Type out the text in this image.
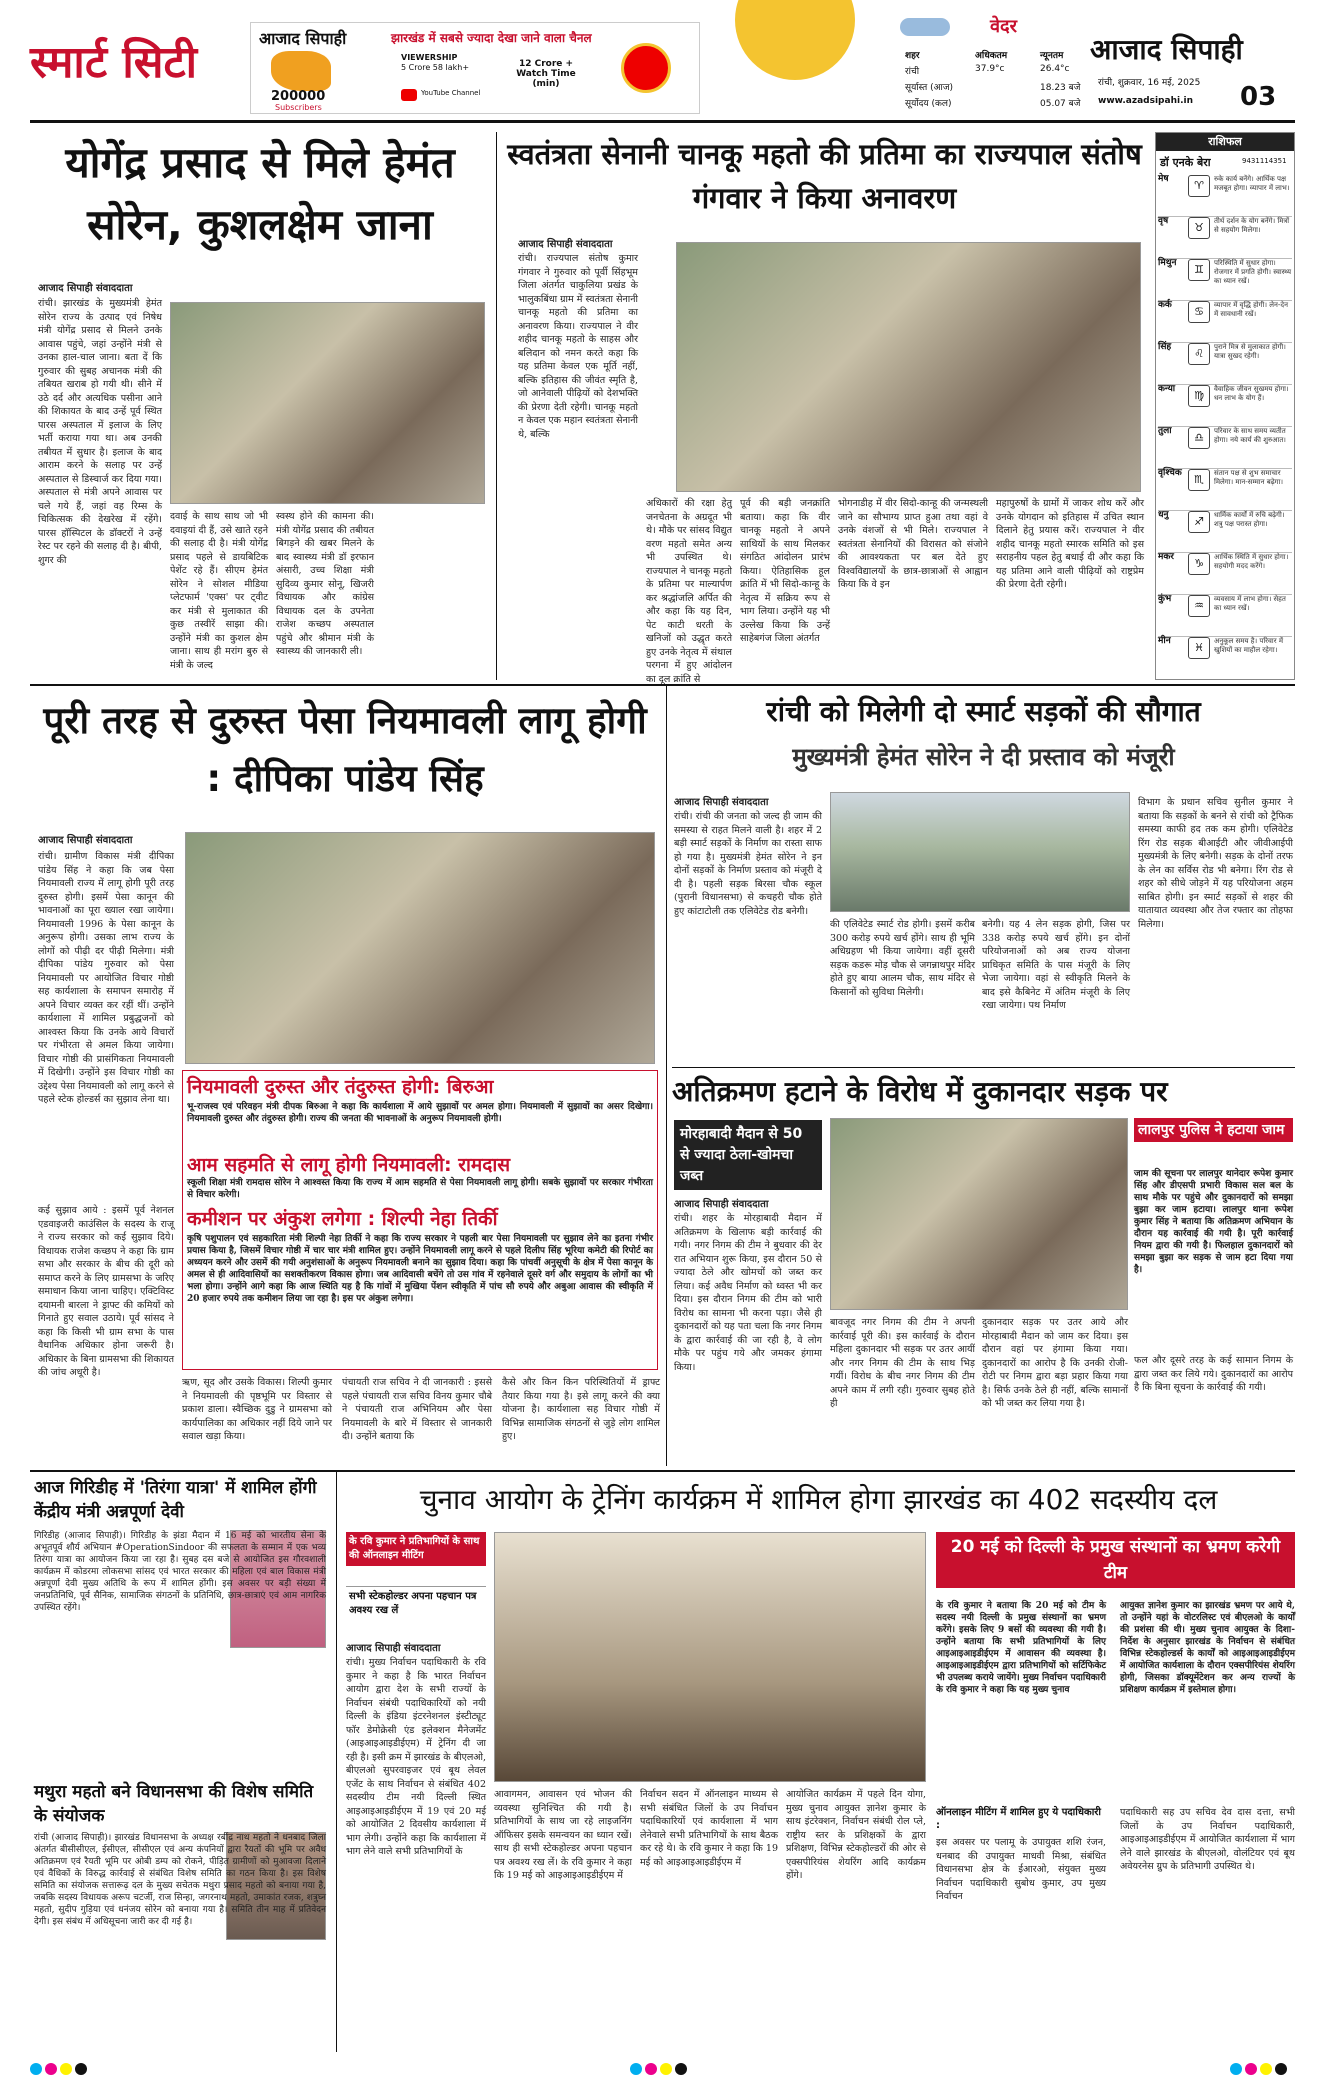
स्मार्ट सिटी	आजाद सिपाही	झारखंड में सबसे ज्यादा देखा जाने वाला चैनल
200000
Subscribers
VIEWERSHIP
5 Crore 58 lakh+	12 Crore + Watch Time (min)
YouTube Channel
वेदर
शहर	अधिकतम	न्यूनतम
रांची	37.9°c	26.4°c
सूर्यास्त (आज)	18.23 बजे
सूर्योदय (कल)	05.07 बजे
आजाद सिपाही
रांची, शुक्रवार, 16 मई, 2025
www.azadsipahi.in 03
योगेंद्र प्रसाद से मिले हेमंत सोरेन, कुशलक्षेम जाना

आजाद सिपाही संवाददाता

रांची। झारखंड के मुख्यमंत्री हेमंत सोरेन राज्य के उत्पाद एवं निषेध मंत्री योगेंद्र प्रसाद से मिलने उनके आवास पहुंचे, जहां उन्होंने मंत्री से उनका हाल-चाल जाना। बता दें कि गुरुवार की सुबह अचानक मंत्री की तबियत खराब हो गयी थी। सीने में उठे दर्द और अत्यधिक पसीना आने की शिकायत के बाद उन्हें पूर्व स्थित पारस अस्पताल में इलाज के लिए भर्ती कराया गया था। अब उनकी तबीयत में सुधार है। इलाज के बाद आराम करने के सलाह पर उन्हें अस्पताल से डिस्चार्ज कर दिया गया। अस्पताल से मंत्री अपने आवास पर चले गये हैं, जहां वह रिम्स के चिकित्सक की देखरेख में रहेंगे। पारस हॉस्पिटल के डॉक्टरों ने उन्हें रेस्ट पर रहने की सलाह दी है। बीपी, शुगर की

दवाई के साथ साथ जो भी दवाइयां दी हैं, उसे खाते रहने की सलाह दी है। मंत्री योगेंद्र प्रसाद पहले से डायबिटिक पेशेंट रहे हैं। सीएम हेमंत सोरेन ने सोशल मीडिया प्लेटफार्म 'एक्स' पर ट्वीट कर मंत्री से मुलाकात की कुछ तस्वीरें साझा की। उन्होंने मंत्री का कुशल क्षेम जाना। साथ ही मरांग बुरु से मंत्री के जल्द

स्वस्थ होने की कामना की। मंत्री योगेंद्र प्रसाद की तबीयत बिगड़ने की खबर मिलने के बाद स्वास्थ्य मंत्री डॉ इरफान अंसारी, उच्च शिक्षा मंत्री सुदिव्य कुमार सोनू, खिजरी विधायक और कांग्रेस विधायक दल के उपनेता राजेश कच्छप अस्पताल पहुंचे और श्रीमान मंत्री के स्वास्थ्य की जानकारी ली।

स्वतंत्रता सेनानी चानकू महतो की प्रतिमा का राज्यपाल संतोष गंगवार ने किया अनावरण

आजाद सिपाही संवाददाता

रांची। राज्यपाल संतोष कुमार गंगवार ने गुरुवार को पूर्वी सिंहभूम जिला अंतर्गत चाकुलिया प्रखंड के भालुकबिंधा ग्राम में स्वतंत्रता सेनानी चानकू महतो की प्रतिमा का अनावरण किया। राज्यपाल ने वीर शहीद चानकू महतो के साहस और बलिदान को नमन करते कहा कि यह प्रतिमा केवल एक मूर्ति नहीं, बल्कि इतिहास की जीवंत स्मृति है, जो आनेवाली पीढ़ियों को देशभक्ति की प्रेरणा देती रहेगी। चानकू महतो न केवल एक महान स्वतंत्रता सेनानी थे, बल्कि

अधिकारों की रक्षा हेतु जनचेतना के अग्रदूत भी थे। मौके पर सांसद विद्युत वरण महतो समेत अन्य भी उपस्थित थे। राज्यपाल ने चानकू महतो के प्रतिमा पर माल्यार्पण कर श्रद्धांजलि अर्पित की और कहा कि यह दिन, पेट काटी धरती के खनिजों को उद्धृत करते हुए उनके नेतृत्व में संथाल परगना में हुए आंदोलन का दूल क्रांति से

पूर्व की बड़ी जनक्रांति बताया। कहा कि वीर चानकू महतो ने अपने साथियों के साथ मिलकर संगठित आंदोलन प्रारंभ किया। ऐतिहासिक हूल क्रांति में भी सिदो-कान्हू के नेतृत्व में सक्रिय रूप से भाग लिया। उन्होंने यह भी उल्लेख किया कि उन्हें साहेबगंज जिला अंतर्गत

भोगनाडीह में वीर सिदो-कान्हू की जन्मस्थली जाने का सौभाग्य प्राप्त हुआ तथा वहां वे उनके वंशजों से भी मिले। राज्यपाल ने स्वतंत्रता सेनानियों की विरासत को संजोने की आवश्यकता पर बल देते हुए विश्वविद्यालयों के छात्र-छात्राओं से आह्वान किया कि वे इन

महापुरुषों के ग्रामों में जाकर शोध करें और उनके योगदान को इतिहास में उचित स्थान दिलाने हेतु प्रयास करें। राज्यपाल ने वीर शहीद चानकू महतो स्मारक समिति को इस सराहनीय पहल हेतु बधाई दी और कहा कि यह प्रतिमा आने वाली पीढ़ियों को राष्ट्रप्रेम की प्रेरणा देती रहेगी।

राशिफल
डॉ एनके बेरा	9431114351
मेष	♈	रुके कार्य बनेंगे। आर्थिक पक्ष मजबूत होगा। व्यापार में लाभ।
वृष	♉	तीर्थ दर्शन के योग बनेंगे। मित्रों से सहयोग मिलेगा।
मिथुन	♊	परिस्थिति में सुधार होगा। रोजगार में प्रगति होगी। स्वास्थ्य का ध्यान रखें।
कर्क	♋	व्यापार में वृद्धि होगी। लेन-देन में सावधानी रखें।
सिंह	♌	पुराने मित्र से मुलाकात होगी। यात्रा सुखद रहेगी।
कन्या	♍	वैवाहिक जीवन सुखमय होगा। धन लाभ के योग हैं।
तुला	♎	परिवार के साथ समय व्यतीत होगा। नये कार्य की शुरुआत।
वृश्चिक	♏	संतान पक्ष से शुभ समाचार मिलेगा। मान-सम्मान बढ़ेगा।
धनु	♐	धार्मिक कार्यों में रुचि बढ़ेगी। शत्रु पक्ष परास्त होगा।
मकर	♑	आर्थिक स्थिति में सुधार होगा। सहयोगी मदद करेंगे।
कुंभ	♒	व्यवसाय में लाभ होगा। सेहत का ध्यान रखें।
मीन	♓	अनुकूल समय है। परिवार में खुशियों का माहौल रहेगा।
पूरी तरह से दुरुस्त पेसा नियमावली लागू होगी : दीपिका पांडेय सिंह

आजाद सिपाही संवाददाता

रांची। ग्रामीण विकास मंत्री दीपिका पांडेय सिंह ने कहा कि जब पेसा नियमावली राज्य में लागू होगी पूरी तरह दुरुस्त होगी। इसमें पेसा कानून की भावनाओं का पूरा ख्याल रखा जायेगा। नियमावली 1996 के पेसा कानून के अनुरूप होगी। उसका लाभ राज्य के लोगों को पीढ़ी दर पीढ़ी मिलेगा। मंत्री दीपिका पांडेय गुरुवार को पेसा नियमावली पर आयोजित विचार गोष्ठी सह कार्यशाला के समापन समारोह में अपने विचार व्यक्त कर रहीं थीं। उन्होंने कार्यशाला में शामिल प्रबुद्धजनों को आश्वस्त किया कि उनके आये विचारों पर गंभीरता से अमल किया जायेगा। विचार गोष्ठी की प्रासंगिकता नियमावली में दिखेगी। उन्होंने इस विचार गोष्ठी का उद्देश्य पेसा नियमावली को लागू करने से पहले स्टेक होल्डर्स का सुझाव लेना था।

कई सुझाव आये : इसमें पूर्व नेशनल एडवाइजरी काउंसिल के सदस्य के राजू ने राज्य सरकार को कई सुझाव दिये। विधायक राजेश कच्छप ने कहा कि ग्राम सभा और सरकार के बीच की दूरी को समाप्त करने के लिए ग्रामसभा के जरिए समाधान किया जाना चाहिए। एक्टिविस्ट दयामनी बारला ने ड्राफ्ट की कमियों को गिनाते हुए सवाल उठाये। पूर्व सांसद ने कहा कि किसी भी ग्राम सभा के पास वैधानिक अधिकार होना जरूरी है। अधिकार के बिना ग्रामसभा की शिकायत की जांच अधूरी है।

नियमावली दुरुस्त और तंदुरुस्त होगी: बिरुआ

भू-राजस्व एवं परिवहन मंत्री दीपक बिरुआ ने कहा कि कार्यशाला में आये सुझावों पर अमल होगा। नियमावली में सुझावों का असर दिखेगा। नियमावली दुरुस्त और तंदुरुस्त होगी। राज्य की जनता की भावनाओं के अनुरूप नियमावली होगी।

आम सहमति से लागू होगी नियमावली: रामदास

स्कूली शिक्षा मंत्री रामदास सोरेन ने आश्वस्त किया कि राज्य में आम सहमति से पेसा नियमावली लागू होगी। सबके सुझावों पर सरकार गंभीरता से विचार करेगी।

कमीशन पर अंकुश लगेगा : शिल्पी नेहा तिर्की

कृषि पशुपालन एवं सहकारिता मंत्री शिल्पी नेहा तिर्की ने कहा कि राज्य सरकार ने पहली बार पेसा नियमावली पर सुझाव लेने का इतना गंभीर प्रयास किया है, जिसमें विचार गोष्ठी में चार चार मंत्री शामिल हुए। उन्होंने नियमावली लागू करने से पहले दिलीप सिंह भूरिया कमेटी की रिपोर्ट का अध्ययन करने और उसमें की गयी अनुशंसाओं के अनुरूप नियमावली बनाने का सुझाव दिया। कहा कि पांचवीं अनुसूची के क्षेत्र में पेसा कानून के अमल से ही आदिवासियों का सशक्तीकरण विकास होगा। जब आदिवासी बचेंगे तो उस गांव में रहनेवाले दूसरे वर्ग और समुदाय के लोगों का भी भला होगा। उन्होंने आगे कहा कि आज स्थिति यह है कि गांवों में मुखिया पेंशन स्वीकृति में पांच सौ रुपये और अबुआ आवास की स्वीकृति में 20 हजार रुपये तक कमीशन लिया जा रहा है। इस पर अंकुश लगेगा।

ऋण, सूद और उसके विकास। शिल्पी कुमार ने नियमावली की पृष्ठभूमि पर विस्तार से प्रकाश डाला। स्वैच्छिक दुडु ने ग्रामसभा को कार्यपालिका का अधिकार नहीं दिये जाने पर सवाल खड़ा किया।

पंचायती राज सचिव ने दी जानकारी : इससे पहले पंचायती राज सचिव विनय कुमार चौबे ने पंचायती राज अभिनियम और पेसा नियमावली के बारे में विस्तार से जानकारी दी। उन्होंने बताया कि

कैसे और किन किन परिस्थितियों में ड्राफ्ट तैयार किया गया है। इसे लागू करने की क्या योजना है। कार्यशाला सह विचार गोष्ठी में विभिन्न सामाजिक संगठनों से जुड़े लोग शामिल हुए।

रांची को मिलेगी दो स्मार्ट सड़कों की सौगात
मुख्यमंत्री हेमंत सोरेन ने दी प्रस्ताव को मंजूरी

आजाद सिपाही संवाददाता

रांची। रांची की जनता को जल्द ही जाम की समस्या से राहत मिलने वाली है। शहर में 2 बड़ी स्मार्ट सड़कों के निर्माण का रास्ता साफ हो गया है। मुख्यमंत्री हेमंत सोरेन ने इन दोनों सड़कों के निर्माण प्रस्ताव को मंजूरी दे दी है। पहली सड़क बिरसा चौक स्कूल (पुरानी विधानसभा) से कचहरी चौक होते हुए कांटाटोली तक एलिवेटेड रोड बनेगी।

की एलिवेटेड स्मार्ट रोड होगी। इसमें करीब 300 करोड़ रुपये खर्च होंगे। साथ ही भूमि अधिग्रहण भी किया जायेगा। वहीं दूसरी सड़क कडरू मोड़ चौक से जगन्नाथपुर मंदिर होते हुए बाया आलम चौक, साथ मंदिर से किसानों को सुविधा मिलेगी।

बनेगी। यह 4 लेन सड़क होगी, जिस पर 338 करोड़ रुपये खर्च होंगे। इन दोनों परियोजनाओं को अब राज्य योजना प्राधिकृत समिति के पास मंजूरी के लिए भेजा जायेगा। वहां से स्वीकृति मिलने के बाद इसे कैबिनेट में अंतिम मंजूरी के लिए रखा जायेगा। पथ निर्माण

विभाग के प्रधान सचिव सुनील कुमार ने बताया कि सड़कों के बनने से रांची को ट्रैफिक समस्या काफी हद तक कम होगी। एलिवेटेड रिंग रोड सड़क बीआईटी और जीवीआईपी मुख्यमंत्री के लिए बनेगी। सड़क के दोनों तरफ के लेन का सर्विस रोड भी बनेगा। रिंग रोड से शहर को सीधे जोड़ने में यह परियोजना अहम साबित होगी। इन स्मार्ट सड़कों से शहर की यातायात व्यवस्था और तेज रफ्तार का तोहफा मिलेगा।

अतिक्रमण हटाने के विरोध में दुकानदार सड़क पर
मोरहाबादी मैदान से 50 से ज्यादा ठेला-खोमचा जब्त

आजाद सिपाही संवाददाता

रांची। शहर के मोरहाबादी मैदान में अतिक्रमण के खिलाफ बड़ी कार्रवाई की गयी। नगर निगम की टीम ने बुधवार की देर रात अभियान शुरू किया, इस दौरान 50 से ज्यादा ठेले और खोमचों को जब्त कर लिया। कई अवैध निर्माण को ध्वस्त भी कर दिया। इस दौरान निगम की टीम को भारी विरोध का सामना भी करना पड़ा। जैसे ही दुकानदारों को यह पता चला कि नगर निगम के द्वारा कार्रवाई की जा रही है, वे लोग मौके पर पहुंच गये और जमकर हंगामा किया।

बावजूद नगर निगम की टीम ने अपनी कार्रवाई पूरी की। इस कार्रवाई के दौरान महिला दुकानदार भी सड़क पर उतर आयीं और नगर निगम की टीम के साथ भिड़ गयीं। विरोध के बीच नगर निगम की टीम अपने काम में लगी रही। गुरुवार सुबह होते ही

दुकानदार सड़क पर उतर आये और मोरहाबादी मैदान को जाम कर दिया। इस दौरान वहां पर हंगामा किया गया। दुकानदारों का आरोप है कि उनकी रोजी-रोटी पर निगम द्वारा बड़ा प्रहार किया गया है। सिर्फ उनके ठेले ही नहीं, बल्कि सामानों को भी जब्त कर लिया गया है।

लालपुर पुलिस ने हटाया जाम

जाम की सूचना पर लालपुर थानेदार रूपेश कुमार सिंह और डीएसपी प्रभारी विकास सल बल के साथ मौके पर पहुंचे और दुकानदारों को समझा बुझा कर जाम हटाया। लालपुर थाना रूपेश कुमार सिंह ने बताया कि अतिक्रमण अभियान के दौरान यह कार्रवाई की गयी है। पूरी कार्रवाई नियम द्वारा की गयी है। फिलहाल दुकानदारों को समझा बुझा कर सड़क से जाम हटा दिया गया है।

फल और दूसरे तरह के कई सामान निगम के द्वारा जब्त कर लिये गये। दुकानदारों का आरोप है कि बिना सूचना के कार्रवाई की गयी।

आज गिरिडीह में 'तिरंगा यात्रा' में शामिल होंगी केंद्रीय मंत्री अन्नपूर्णा देवी

गिरिडीह (आजाद सिपाही)। गिरिडीह के झंडा मैदान में 16 मई को भारतीय सेना के अभूतपूर्व शौर्य अभियान #OperationSindoor की सफलता के सम्मान में एक भव्य तिरंगा यात्रा का आयोजन किया जा रहा है। सुबह दस बजे से आयोजित इस गौरवशाली कार्यक्रम में कोडरमा लोकसभा सांसद एवं भारत सरकार की महिला एवं बाल विकास मंत्री अन्नपूर्णा देवी मुख्य अतिथि के रूप में शामिल होंगी। इस अवसर पर बड़ी संख्या में जनप्रतिनिधि, पूर्व सैनिक, सामाजिक संगठनों के प्रतिनिधि, छात्र-छात्राएं एवं आम नागरिक उपस्थित रहेंगे।

मथुरा महतो बने विधानसभा की विशेष समिति के संयोजक

रांची (आजाद सिपाही)। झारखंड विधानसभा के अध्यक्ष रबींद्र नाथ महतो ने धनबाद जिला अंतर्गत बीसीसीएल, ईसीएल, सीसीएल एवं अन्य कंपनियों द्वारा रैयतों की भूमि पर अवैध अतिक्रमण एवं रैयती भूमि पर ओबी डम्प को रोकने, पीड़ित ग्रामीणों को मुआवजा दिलाने एवं वैधिकों के विरुद्ध कार्रवाई से संबंधित विशेष समिति का गठन किया है। इस विशेष समिति का संयोजक सत्तारूढ़ दल के मुख्य सचेतक मथुरा प्रसाद महतो को बनाया गया है, जबकि सदस्य विधायक अरूप चटर्जी, राज सिन्हा, जगरनाथ महतो, उमाकांत रजक, शत्रुघ्न महतो, सुदीप गुड़िया एवं धनंजय सोरेन को बनाया गया है। समिति तीन माह में प्रतिवेदन देगी। इस संबंध में अधिसूचना जारी कर दी गई है।

चुनाव आयोग के ट्रेनिंग कार्यक्रम में शामिल होगा झारखंड का 402 सदस्यीय दल
के रवि कुमार ने प्रतिभागियों के साथ की ऑनलाइन मीटिंग
सभी स्टेकहोल्डर अपना पहचान पत्र अवश्य रख लें

आजाद सिपाही संवाददाता

रांची। मुख्य निर्वाचन पदाधिकारी के रवि कुमार ने कहा है कि भारत निर्वाचन आयोग द्वारा देश के सभी राज्यों के निर्वाचन संबंधी पदाधिकारियों को नयी दिल्ली के इंडिया इंटरनेशनल इंस्टीट्यूट फॉर डेमोक्रेसी एंड इलेक्शन मैनेजमेंट (आइआइआइडीईएम) में ट्रेनिंग दी जा रही है। इसी क्रम में झारखंड के बीएलओ, बीएलओ सुपरवाइजर एवं बूथ लेवल एजेंट के साथ निर्वाचन से संबंधित 402 सदस्यीय टीम नयी दिल्ली स्थित आइआइआइडीईएम में 19 एवं 20 मई को आयोजित 2 दिवसीय कार्यशाला में भाग लेगी। उन्होंने कहा कि कार्यशाला में भाग लेने वाले सभी प्रतिभागियों के

आवागमन, आवासन एवं भोजन की व्यवस्था सुनिश्चित की गयी है। प्रतिभागियों के साथ जा रहे लाइजनिंग ऑफिसर इसके समन्वयन का ध्यान रखें। साथ ही सभी स्टेकहोल्डर अपना पहचान पत्र अवश्य रख लें। के रवि कुमार ने कहा कि 19 मई को आइआइआइडीईएम में

निर्वाचन सदन में ऑनलाइन माध्यम से सभी संबंधित जिलों के उप निर्वाचन पदाधिकारियों एवं कार्यशाला में भाग लेनेवाले सभी प्रतिभागियों के साथ बैठक कर रहे थे। के रवि कुमार ने कहा कि 19 मई को आइआइआइडीईएम में

आयोजित कार्यक्रम में पहले दिन योगा, मुख्य चुनाव आयुक्त ज्ञानेश कुमार के साथ इंटरेक्शन, निर्वाचन संबंधी रोल प्ले, राष्ट्रीय स्तर के प्रशिक्षकों के द्वारा प्रशिक्षण, विभिन्न स्टेकहोल्डरों की ओर से एक्सपीरियंस शेयरिंग आदि कार्यक्रम होंगे।

20 मई को दिल्ली के प्रमुख संस्थानों का भ्रमण करेगी टीम

के रवि कुमार ने बताया कि 20 मई को टीम के सदस्य नयी दिल्ली के प्रमुख संस्थानों का भ्रमण करेंगे। इसके लिए 9 बसों की व्यवस्था की गयी है। उन्होंने बताया कि सभी प्रतिभागियों के लिए आइआइआइडीईएम में आवासन की व्यवस्था है। आइआइआइडीईएम द्वारा प्रतिभागियों को सर्टिफिकेट भी उपलब्ध कराये जायेंगे। मुख्य निर्वाचन पदाधिकारी के रवि कुमार ने कहा कि यह मुख्य चुनाव

आयुक्त ज्ञानेश कुमार का झारखंड भ्रमण पर आये थे, तो उन्होंने यहां के वोटरलिस्ट एवं बीएलओ के कार्यों की प्रशंसा की थी। मुख्य चुनाव आयुक्त के दिशा-निर्देश के अनुसार झारखंड के निर्वाचन से संबंधित विभिन्न स्टेकहोल्डर्स के कार्यों को आइआइआइडीईएम में आयोजित कार्यशाला के दौरान एक्सपीरियंस शेयरिंग होगी, जिसका डॉक्यूमेंटेशन कर अन्य राज्यों के प्रशिक्षण कार्यक्रम में इस्तेमाल होगा।

ऑनलाइन मीटिंग में शामिल हुए ये पदाधिकारी :

इस अवसर पर पलामू के उपायुक्त शशि रंजन, धनबाद की उपायुक्त माधवी मिश्रा, संबंधित विधानसभा क्षेत्र के ईआरओ, संयुक्त मुख्य निर्वाचन पदाधिकारी सुबोध कुमार, उप मुख्य निर्वाचन

पदाधिकारी सह उप सचिव देव दास दत्ता, सभी जिलों के उप निर्वाचन पदाधिकारी, आइआइआइडीईएम में आयोजित कार्यशाला में भाग लेने वाले झारखंड के बीएलओ, वोलंटियर एवं बूथ अवेयरनेस ग्रुप के प्रतिभागी उपस्थित थे।
